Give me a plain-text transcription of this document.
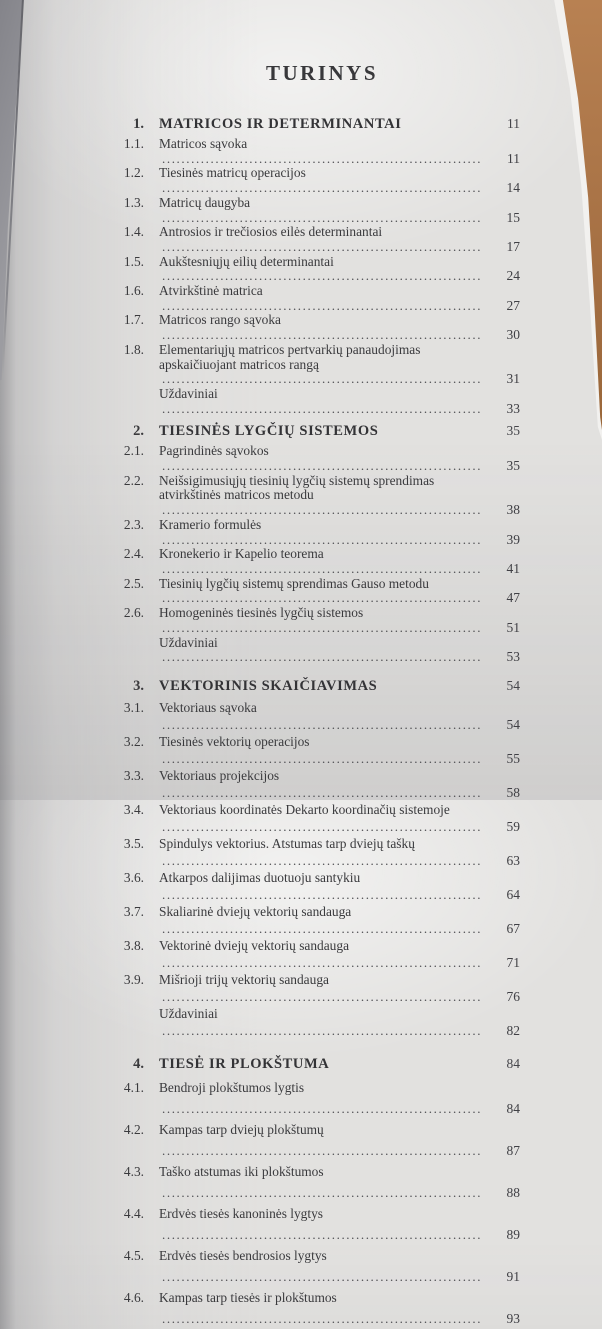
TURINYS
1. MATRICOS IR DETERMINANTAI	11
1.1. Matricos sąvoka .....
11
1.2. Tiesinės matricų operacijos .....
14
1.3. Matricų daugyba .....
15
1.4. Antrosios ir trečiosios eilės determinantai .....
17
1.5. Aukštesniųjų eilių determinantai .....
24
1.6. Atvirkštinė matrica .....
27
1.7. Matricos rango sąvoka .....
30
1.8. Elementariųjų matricos pertvarkių panaudojimas apskaičiuojant matricos rangą .....
31
Uždaviniai .....
33
2. TIESINĖS LYGČIŲ SISTEMOS	35
2.1. Pagrindinės sąvokos .....
35
2.2. Neišsigimusiųjų tiesinių lygčių sistemų sprendimas atvirkštinės matricos metodu .....
38
2.3. Kramerio formulės .....
39
2.4. Kronekerio ir Kapelio teorema .....
41
2.5. Tiesinių lygčių sistemų sprendimas Gauso metodu .....
47
2.6. Homogeninės tiesinės lygčių sistemos .....
51
Uždaviniai .....
53
3. VEKTORINIS SKAIČIAVIMAS	54
3.1. Vektoriaus sąvoka .....
54
3.2. Tiesinės vektorių operacijos .....
55
3.3. Vektoriaus projekcijos .....
58
3.4. Vektoriaus koordinatės Dekarto koordinačių sistemoje .....
59
3.5. Spindulys vektorius. Atstumas tarp dviejų taškų .....
63
3.6. Atkarpos dalijimas duotuoju santykiu .....
64
3.7. Skaliarinė dviejų vektorių sandauga .....
67
3.8. Vektorinė dviejų vektorių sandauga .....
71
3.9. Mišrioji trijų vektorių sandauga .....
76
Uždaviniai .....
82
4. TIESĖ IR PLOKŠTUMA	84
4.1. Bendroji plokštumos lygtis .....
84
4.2. Kampas tarp dviejų plokštumų .....
87
4.3. Taško atstumas iki plokštumos .....
88
4.4. Erdvės tiesės kanoninės lygtys .....
89
4.5. Erdvės tiesės bendrosios lygtys .....
91
4.6. Kampas tarp tiesės ir plokštumos .....
93
